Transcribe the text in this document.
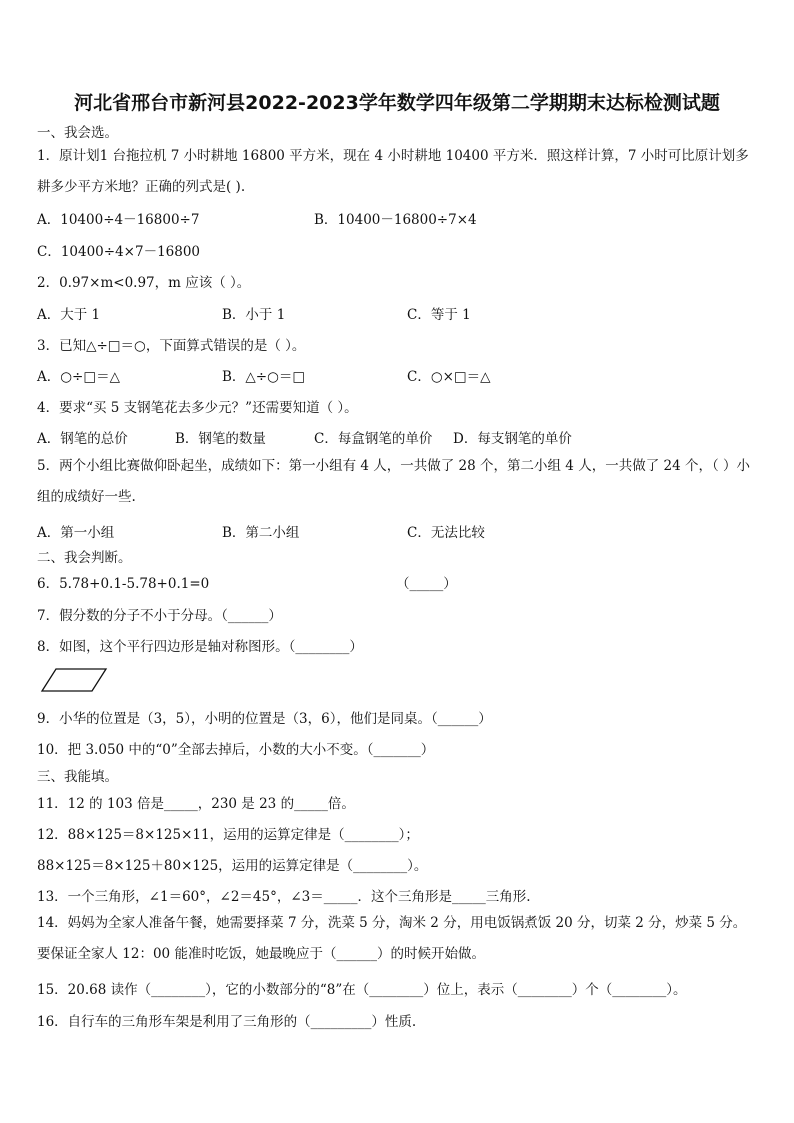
河北省邢台市新河县2022-2023学年数学四年级第二学期期末达标检测试题
一、我会选。
1．原计划1 台拖拉机 7 小时耕地 16800 平方米，现在 4 小时耕地 10400 平方米．照这样计算，7 小时可比原计划多耕多少平方米地？正确的列式是( ).
A．10400÷4－16800÷7	B．10400－16800÷7×4
C．10400÷4×7－16800
2．0.97×m<0.97，m 应该（ ）。
A．大于 1	B．小于 1	C．等于 1
3．已知△÷□＝○，下面算式错误的是（ ）。
A．○÷□＝△	B．△÷○＝□	C．○×□＝△
4．要求“买 5 支钢笔花去多少元？”还需要知道（ ）。
A．钢笔的总价	B．钢笔的数量	C．每盒钢笔的单价 D．每支钢笔的单价
5．两个小组比赛做仰卧起坐，成绩如下：第一小组有 4 人，一共做了 28 个，第二小组 4 人，一共做了 24 个，（ ）小组的成绩好一些.
A．第一小组	B．第二小组	C．无法比较
二、我会判断。
6．5.78+0.1-5.78+0.1=0	（_____）
7．假分数的分子不小于分母。（______）
8．如图，这个平行四边形是轴对称图形。（________）
9．小华的位置是（3，5），小明的位置是（3，6），他们是同桌。（______）
10．把 3.050 中的“0”全部去掉后，小数的大小不变。（_______）
三、我能填。
11．12 的 103 倍是_____，230 是 23 的_____倍。
12．88×125＝8×125×11，运用的运算定律是（________）；
88×125＝8×125＋80×125，运用的运算定律是（________）。
13．一个三角形，∠1＝60°，∠2＝45°，∠3＝_____．这个三角形是_____三角形.
14．妈妈为全家人准备午餐，她需要择菜 7 分，洗菜 5 分，淘米 2 分，用电饭锅煮饭 20 分，切菜 2 分，炒菜 5 分。要保证全家人 12：00 能准时吃饭，她最晚应于（______）的时候开始做。
15．20.68 读作（________），它的小数部分的“8”在（________）位上，表示（________）个（________）。
16．自行车的三角形车架是利用了三角形的（_________）性质.
